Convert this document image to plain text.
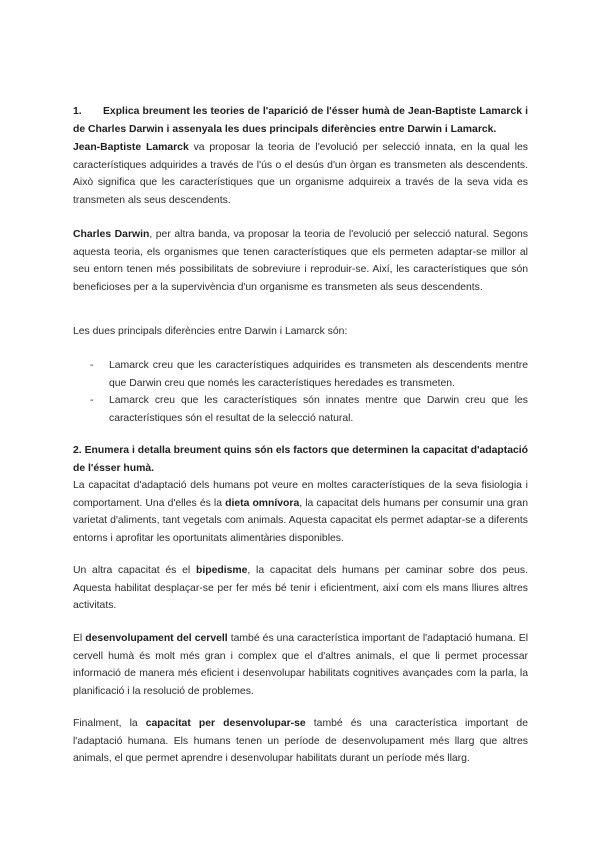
1. Explica breument les teories de l'aparició de l'ésser humà de Jean-Baptiste Lamarck i de Charles Darwin i assenyala les dues principals diferències entre Darwin i Lamarck.

Jean-Baptiste Lamarck va proposar la teoria de l'evolució per selecció innata, en la qual les característiques adquirides a través de l'ús o el desús d'un òrgan es transmeten als descendents. Això significa que les característiques que un organisme adquireix a través de la seva vida es transmeten als seus descendents.

Charles Darwin, per altra banda, va proposar la teoria de l'evolució per selecció natural. Segons aquesta teoria, els organismes que tenen característiques que els permeten adaptar-se millor al seu entorn tenen més possibilitats de sobreviure i reproduir-se. Així, les característiques que són beneficioses per a la supervivència d'un organisme es transmeten als seus descendents.

Les dues principals diferències entre Darwin i Lamarck són:

- Lamarck creu que les característiques adquirides es transmeten als descendents mentre que Darwin creu que només les característiques heredades es transmeten.
- Lamarck creu que les característiques són innates mentre que Darwin creu que les característiques són el resultat de la selecció natural.
2. Enumera i detalla breument quins són els factors que determinen la capacitat d'adaptació de l'ésser humà.

La capacitat d'adaptació dels humans pot veure en moltes característiques de la seva fisiologia i comportament. Una d'elles és la dieta omnívora, la capacitat dels humans per consumir una gran varietat d'aliments, tant vegetals com animals. Aquesta capacitat els permet adaptar-se a diferents entorns i aprofitar les oportunitats alimentàries disponibles.

Un altra capacitat és el bipedisme, la capacitat dels humans per caminar sobre dos peus. Aquesta habilitat desplaçar-se per fer més bé tenir i eficientment, així com els mans lliures altres activitats.

El desenvolupament del cervell també és una característica important de l'adaptació humana. El cervell humà és molt més gran i complex que el d'altres animals, el que li permet processar informació de manera més eficient i desenvolupar habilitats cognitives avançades com la parla, la planificació i la resolució de problemes.

Finalment, la capacitat per desenvolupar-se també és una característica important de l'adaptació humana. Els humans tenen un període de desenvolupament més llarg que altres animals, el que permet aprendre i desenvolupar habilitats durant un període més llarg.
